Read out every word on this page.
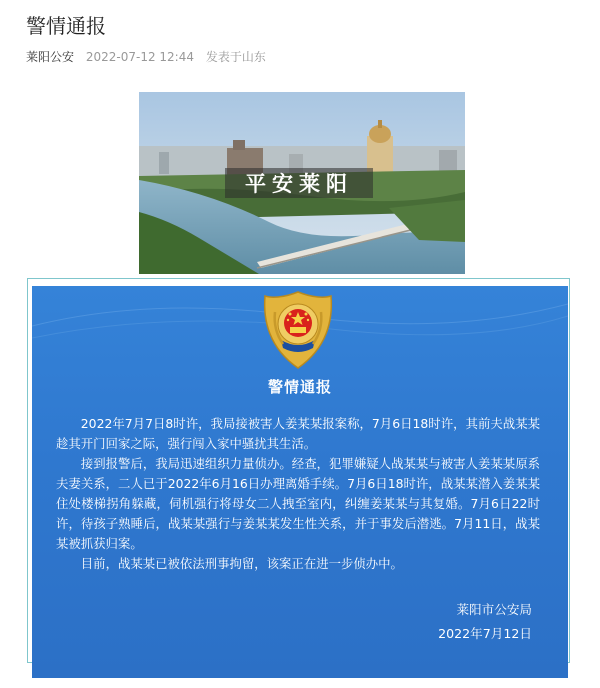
警情通报
莱阳公安 2022-07-12 12:44 发表于山东
平安莱阳
警情通报

2022年7月7日8时许，我局接被害人姜某某报案称，7月6日18时许，其前夫战某某趁其开门回家之际，强行闯入家中骚扰其生活。

接到报警后，我局迅速组织力量侦办。经查，犯罪嫌疑人战某某与被害人姜某某原系夫妻关系，二人已于2022年6月16日办理离婚手续。7月6日18时许，战某某潜入姜某某住处楼梯拐角躲藏，伺机强行将母女二人拽至室内，纠缠姜某某与其复婚。7月6日22时许，待孩子熟睡后，战某某强行与姜某某发生性关系，并于事发后潜逃。7月11日，战某某被抓获归案。

目前，战某某已被依法刑事拘留，该案正在进一步侦办中。

莱阳市公安局
2022年7月12日
